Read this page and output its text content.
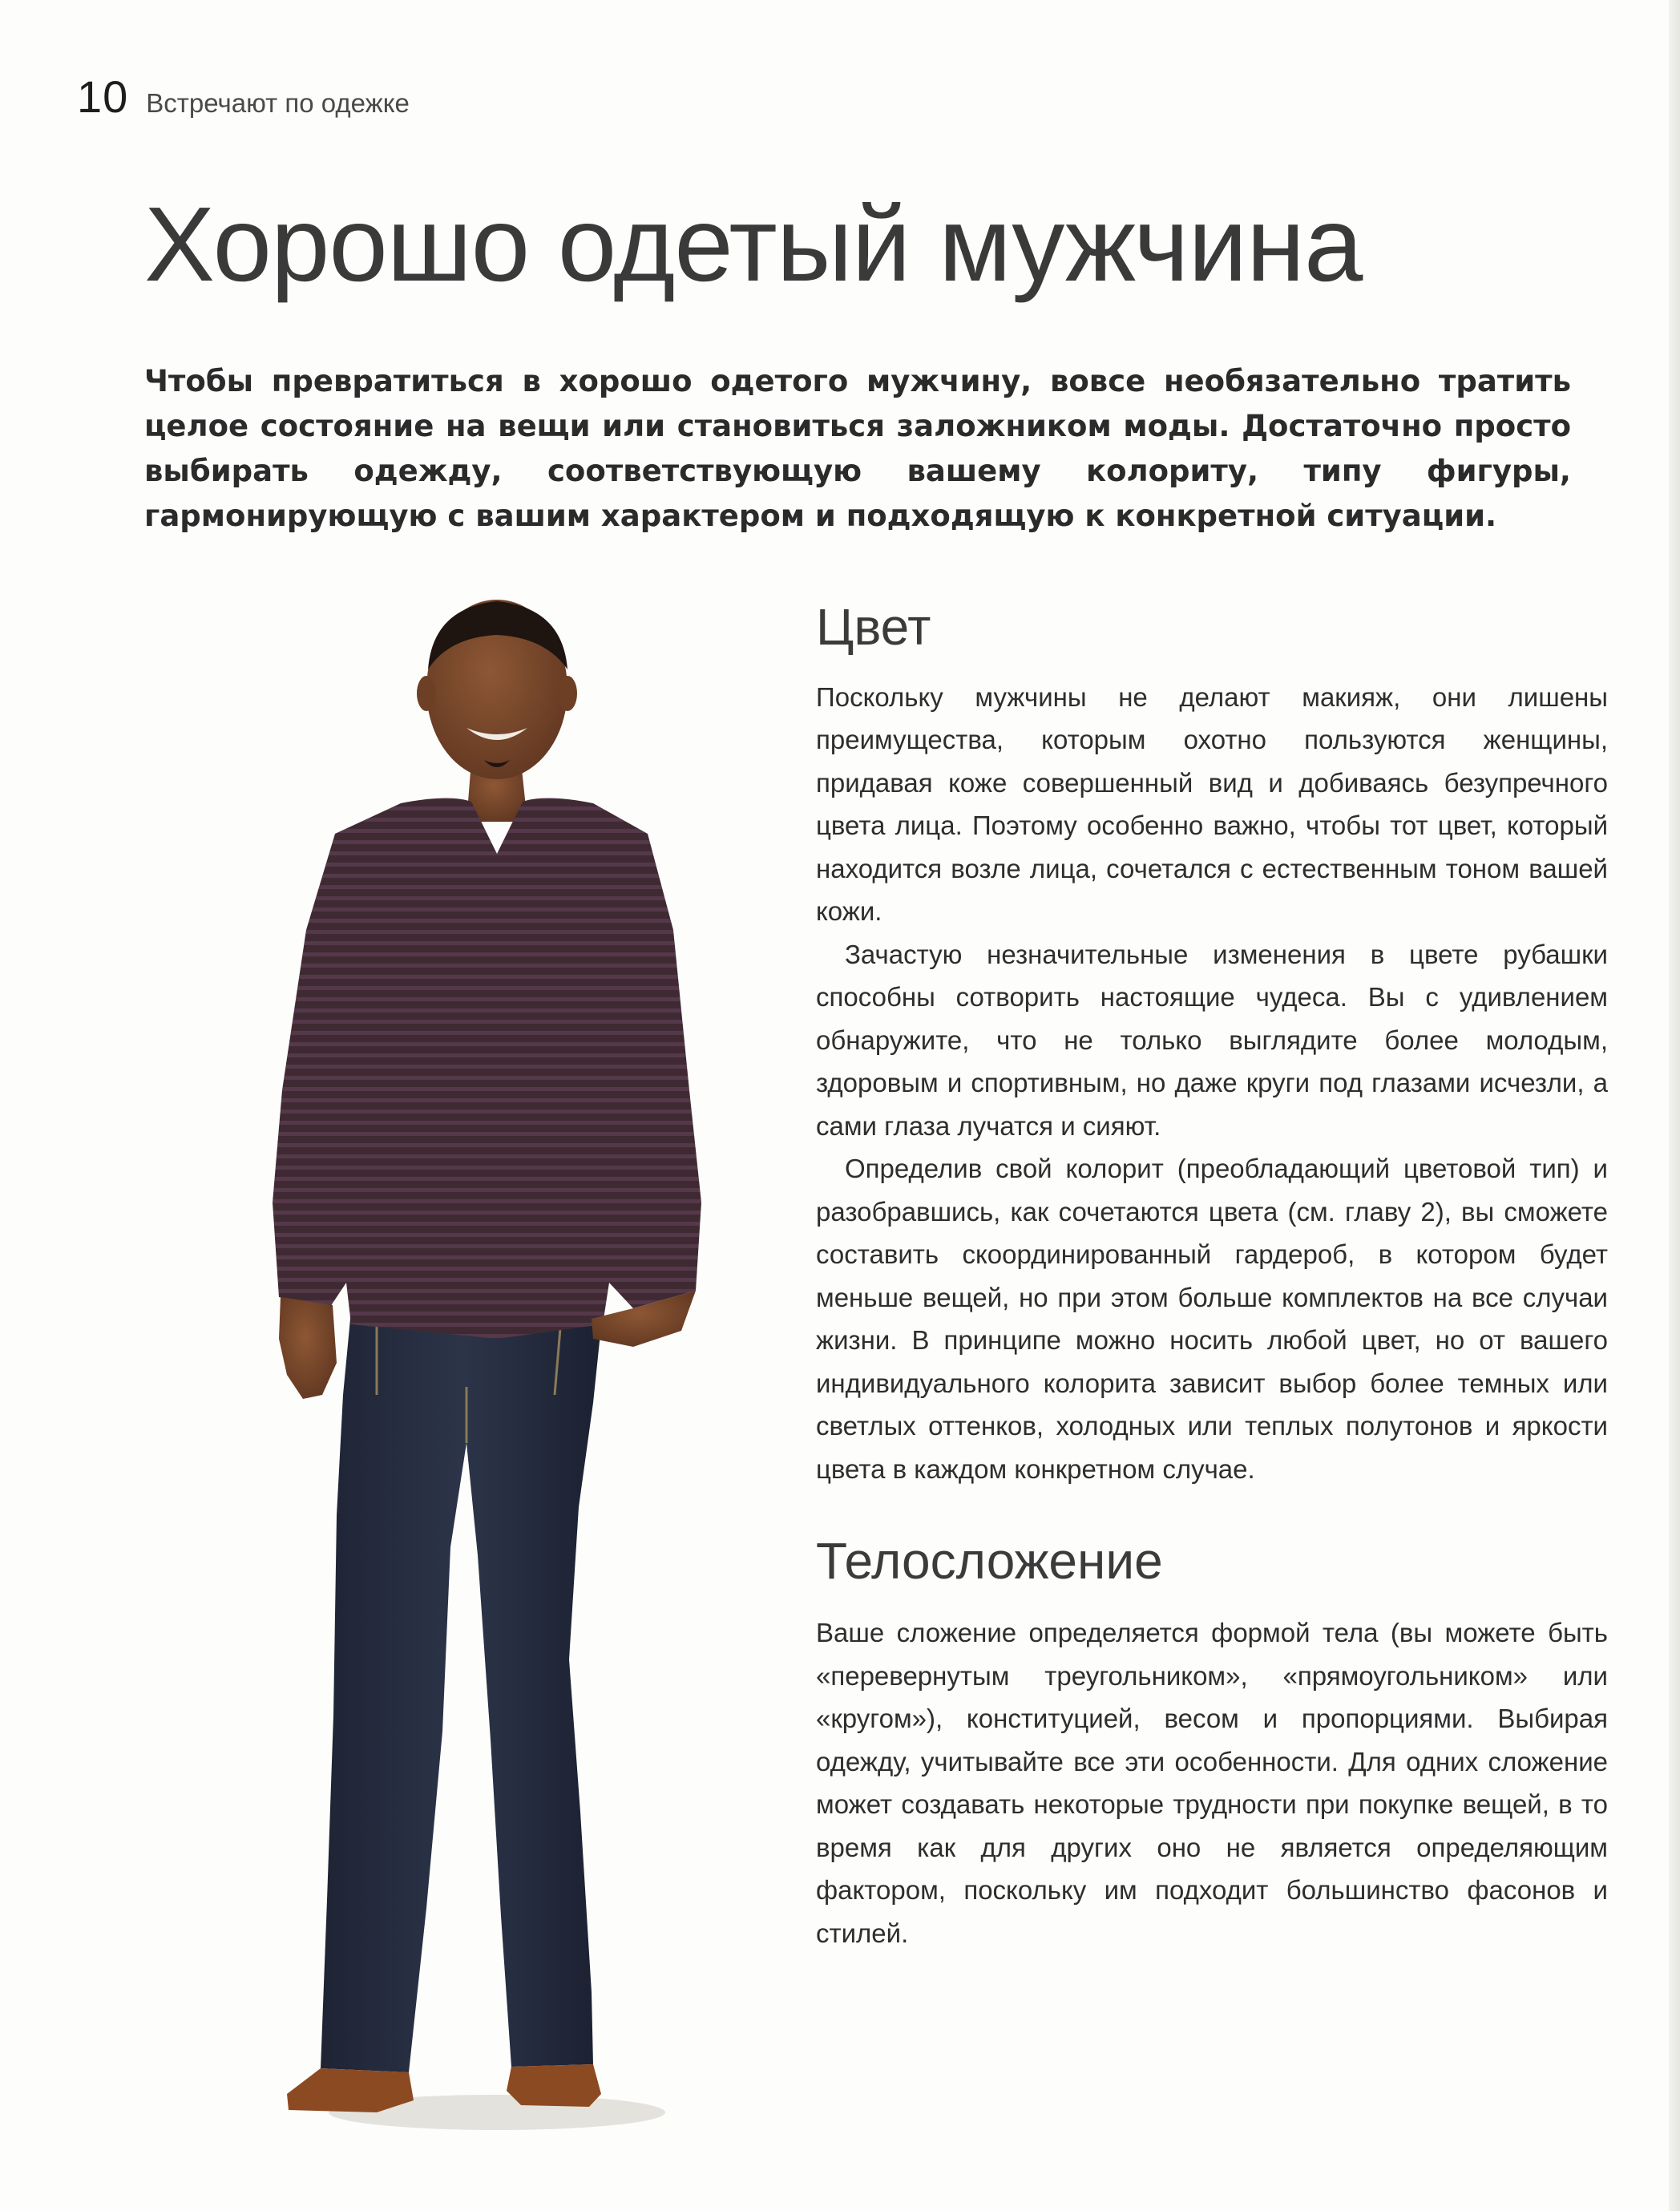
10 Встречают по одежке
Хорошо одетый мужчина

Чтобы превратиться в хорошо одетого мужчину, вовсе необязательно тратить целое состояние на вещи или становиться заложником моды. Достаточно просто выбирать одежду, соответствующую вашему колориту, типу фигуры, гармонирующую с вашим характером и подходящую к конкретной ситуации.

Цвет

Поскольку мужчины не делают макияж, они лишены преимущества, которым охотно пользуются женщины, придавая коже совершенный вид и добиваясь безупречного цвета лица. Поэтому особенно важно, чтобы тот цвет, который находится возле лица, сочетался с естественным тоном вашей кожи.

Зачастую незначительные изменения в цвете рубашки способны сотворить настоящие чудеса. Вы с удивлением обнаружите, что не только выглядите более молодым, здоровым и спортивным, но даже круги под глазами исчезли, а сами глаза лучатся и сияют.

Определив свой колорит (преобладающий цветовой тип) и разобравшись, как сочетаются цвета (см. главу 2), вы сможете составить скоординированный гардероб, в котором будет меньше вещей, но при этом больше комплектов на все случаи жизни. В принципе можно носить любой цвет, но от вашего индивидуального колорита зависит выбор более темных или светлых оттенков, холодных или теплых полутонов и яркости цвета в каждом конкретном случае.

Телосложение

Ваше сложение определяется формой тела (вы можете быть «перевернутым треугольником», «прямоугольником» или «кругом»), конституцией, весом и пропорциями. Выбирая одежду, учитывайте все эти особенности. Для одних сложение может создавать некоторые трудности при покупке вещей, в то время как для других оно не является определяющим фактором, поскольку им подходит большинство фасонов и стилей.
